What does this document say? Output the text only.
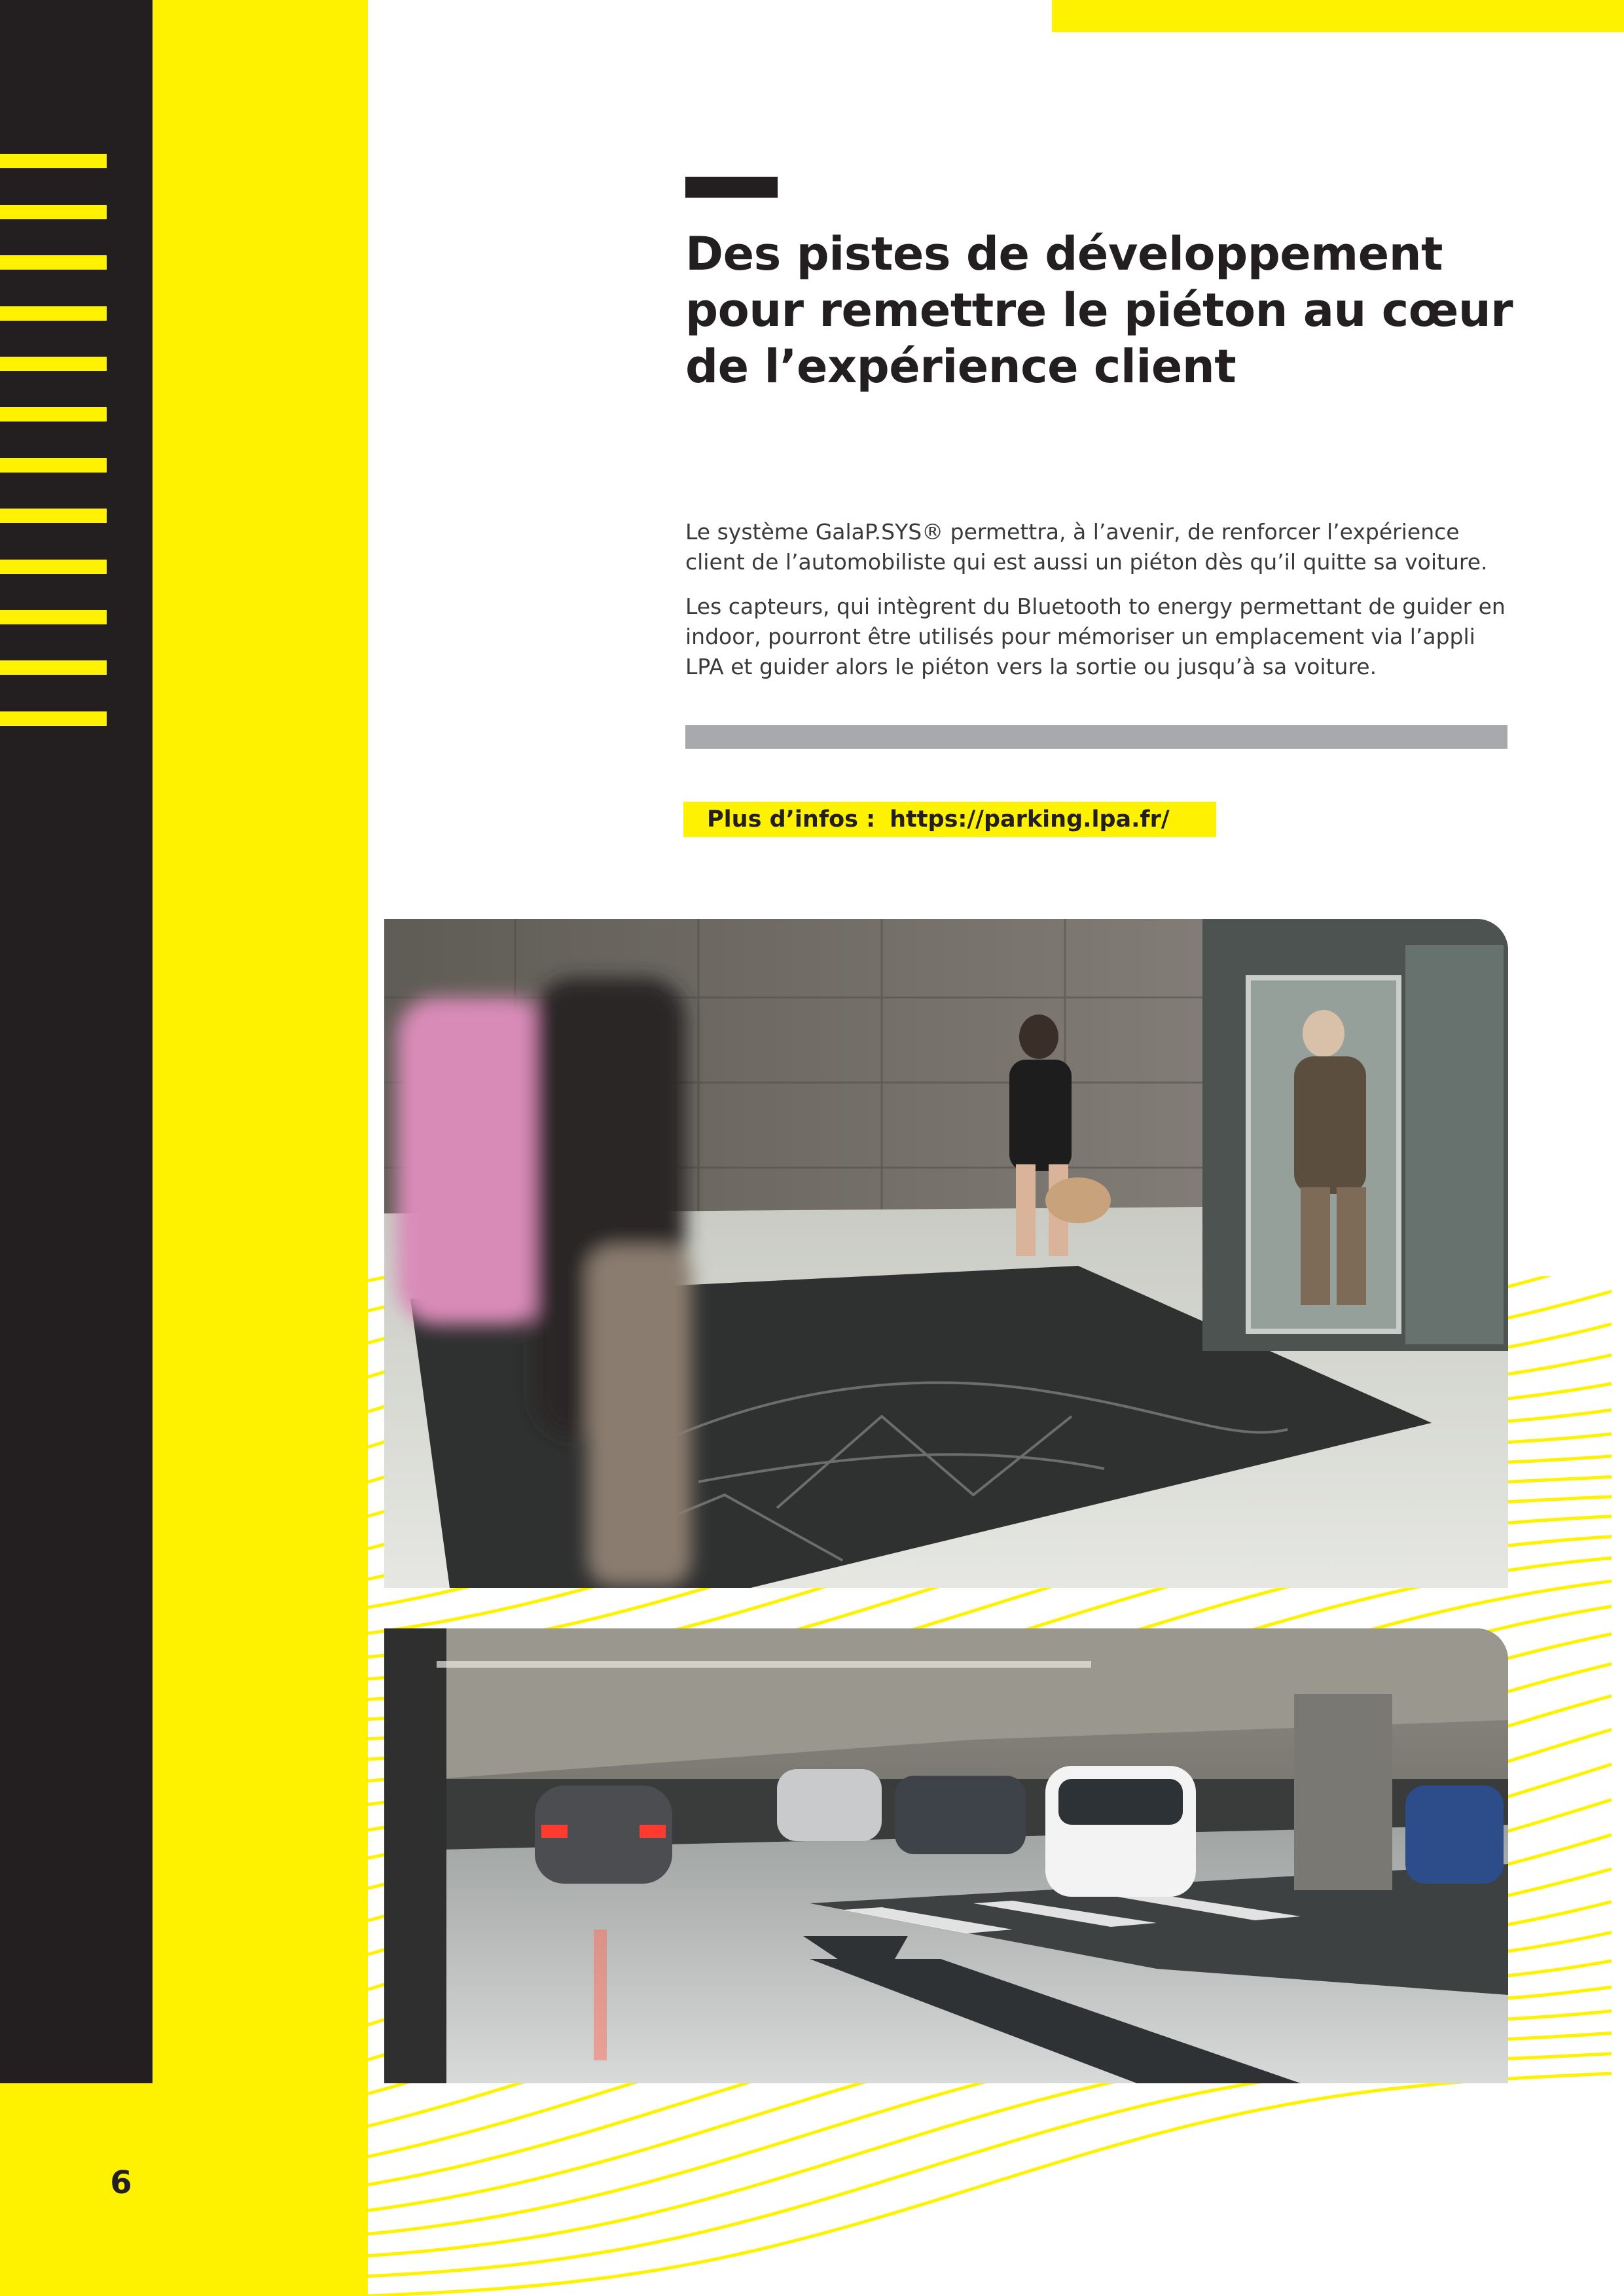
6
Des pistes de développement
pour remettre le piéton au cœur
de l’expérience client

Le système GalaP.SYS® permettra, à l’avenir, de renforcer l’expérience client de l’automobiliste qui est aussi un piéton dès qu’il quitte sa voiture.

Les capteurs, qui intègrent du Bluetooth to energy permettant de guider en indoor, pourront être utilisés pour mémoriser un emplacement via l’appli LPA et guider alors le piéton vers la sortie ou jusqu’à sa voiture.

Plus d’infos : https://parking.lpa.fr/
